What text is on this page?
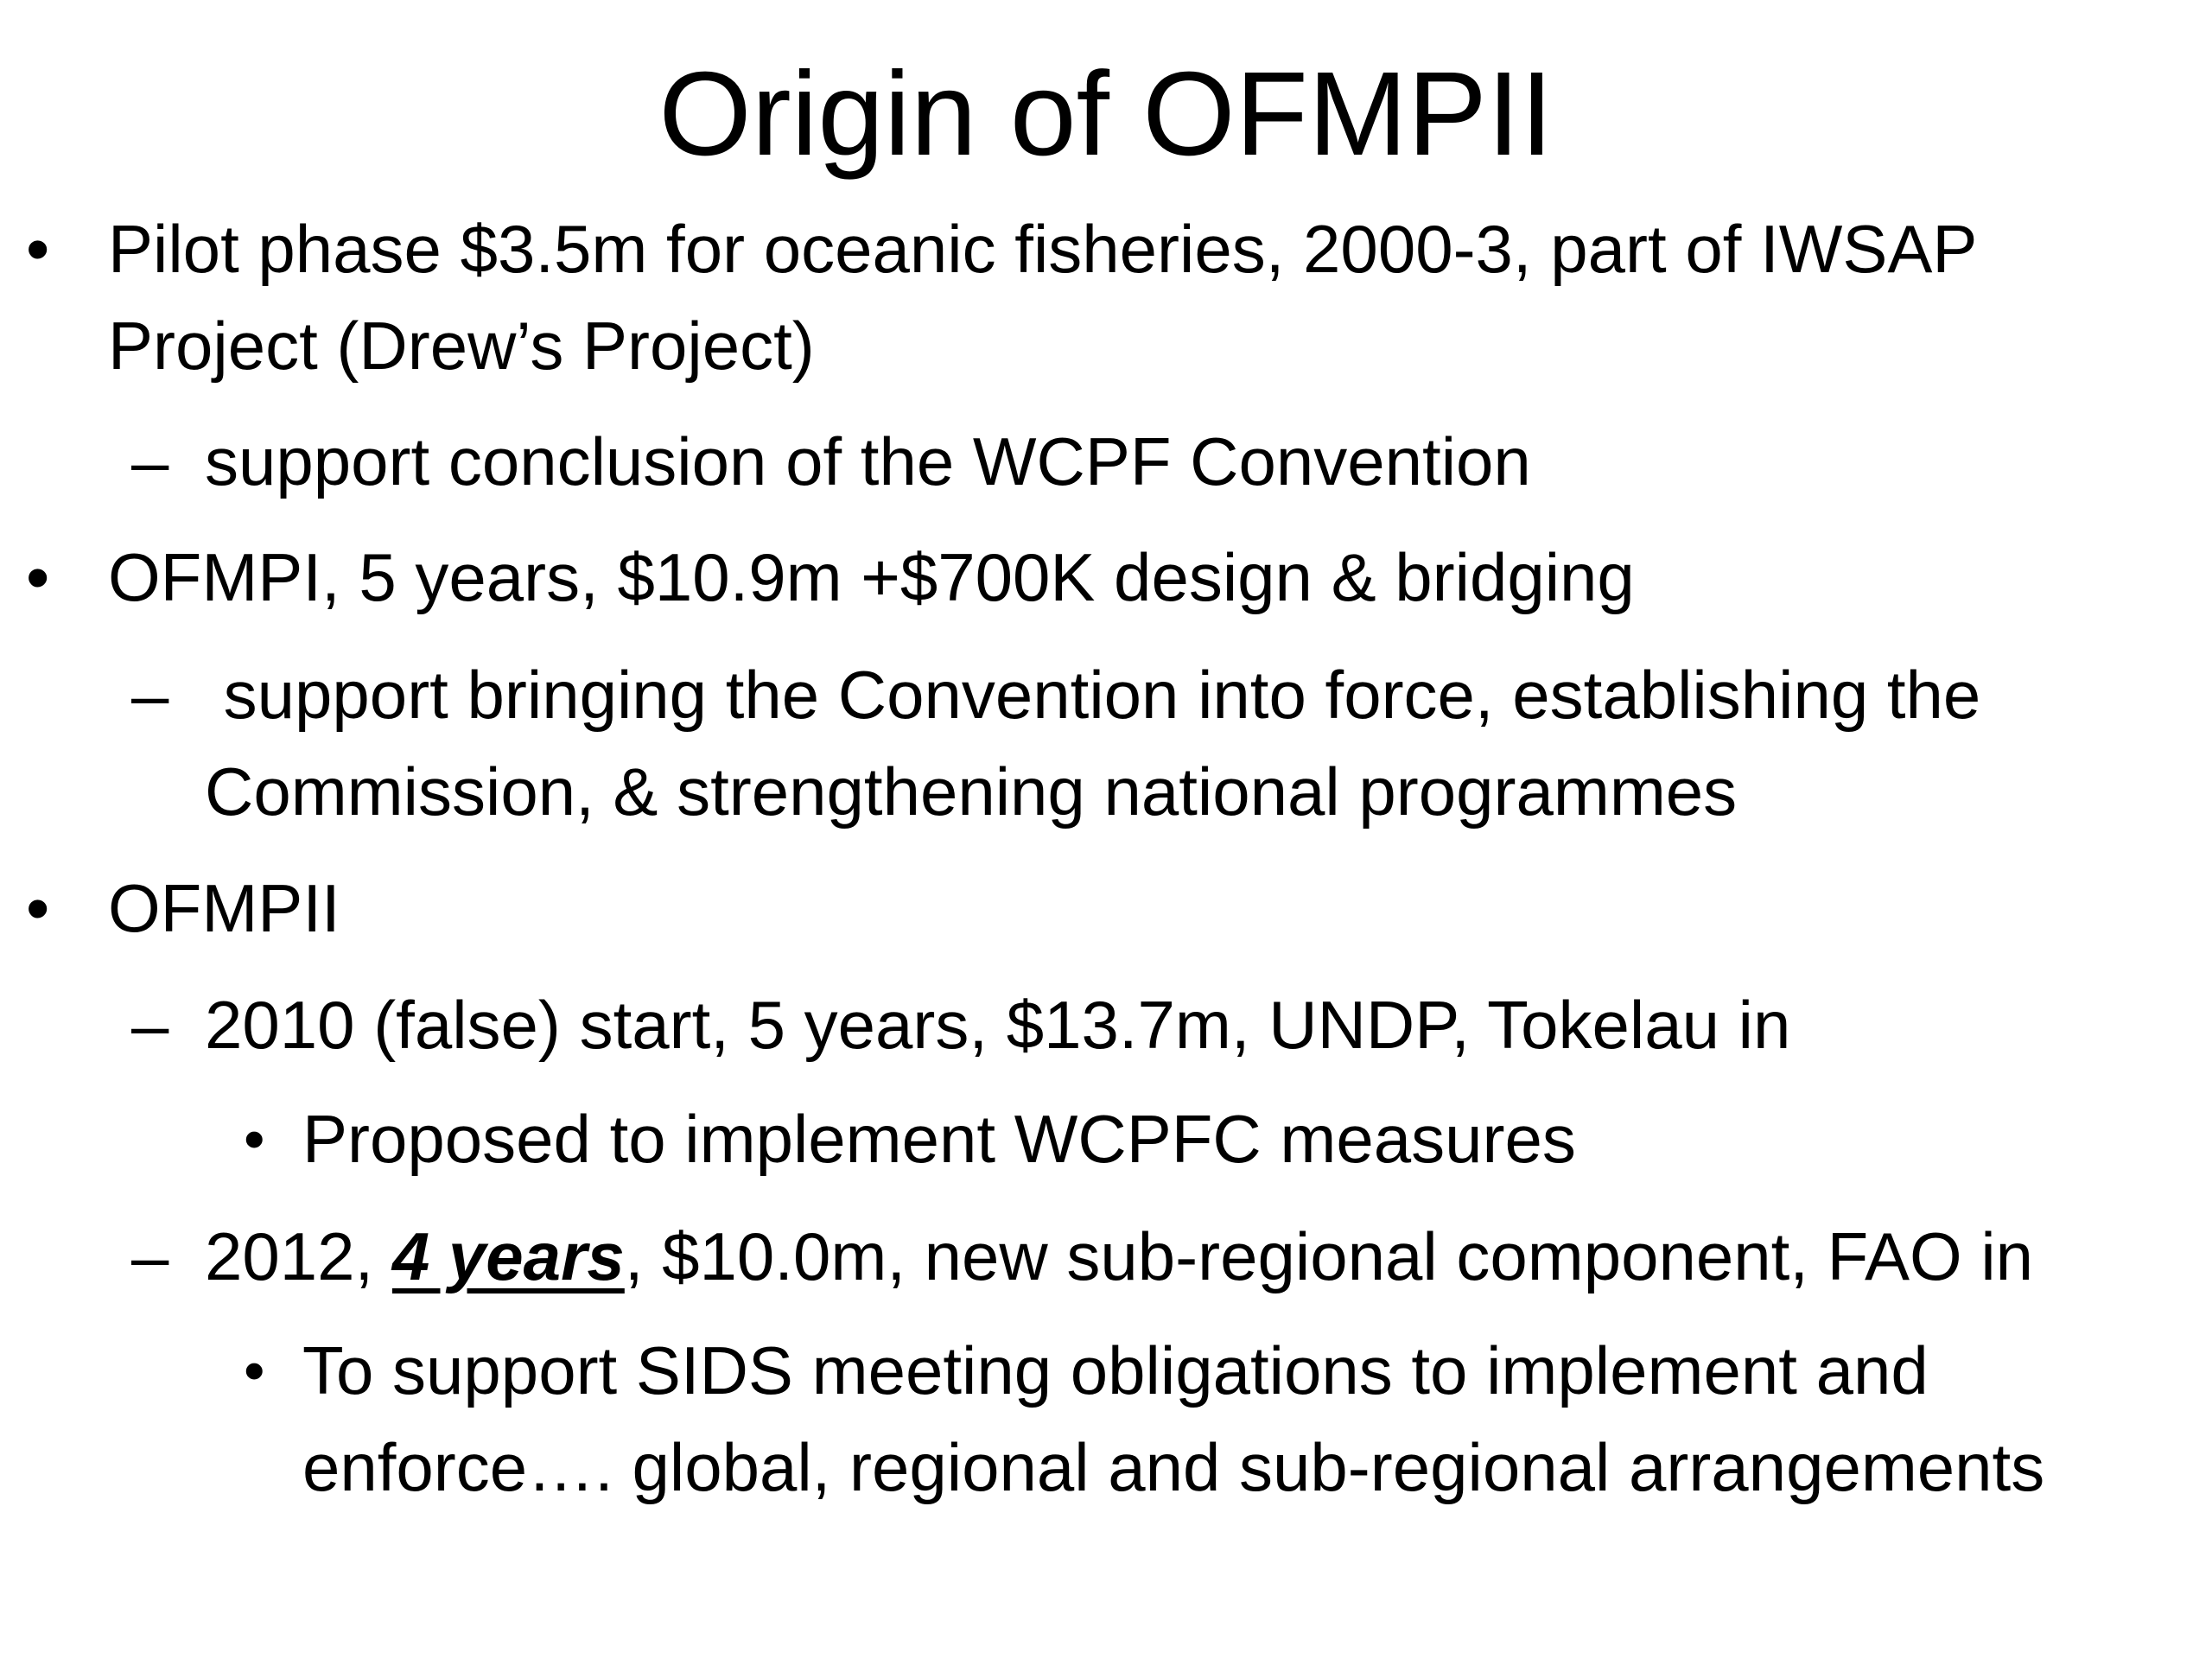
Origin of OFMPII
• Pilot phase $3.5m for oceanic fisheries, 2000-3, part of IWSAP
Project (Drew’s Project)
– support conclusion of the WCPF Convention
• OFMPI, 5 years, $10.9m +$700K design & bridging
– support bringing the Convention into force, establishing the
Commission, & strengthening national programmes
• OFMPII
– 2010 (false) start, 5 years, $13.7m, UNDP, Tokelau in
• Proposed to implement WCPFC measures
– 2012, 4 years, $10.0m, new sub-regional component, FAO in
• To support SIDS meeting obligations to implement and
enforce…. global, regional and sub-regional arrangements
